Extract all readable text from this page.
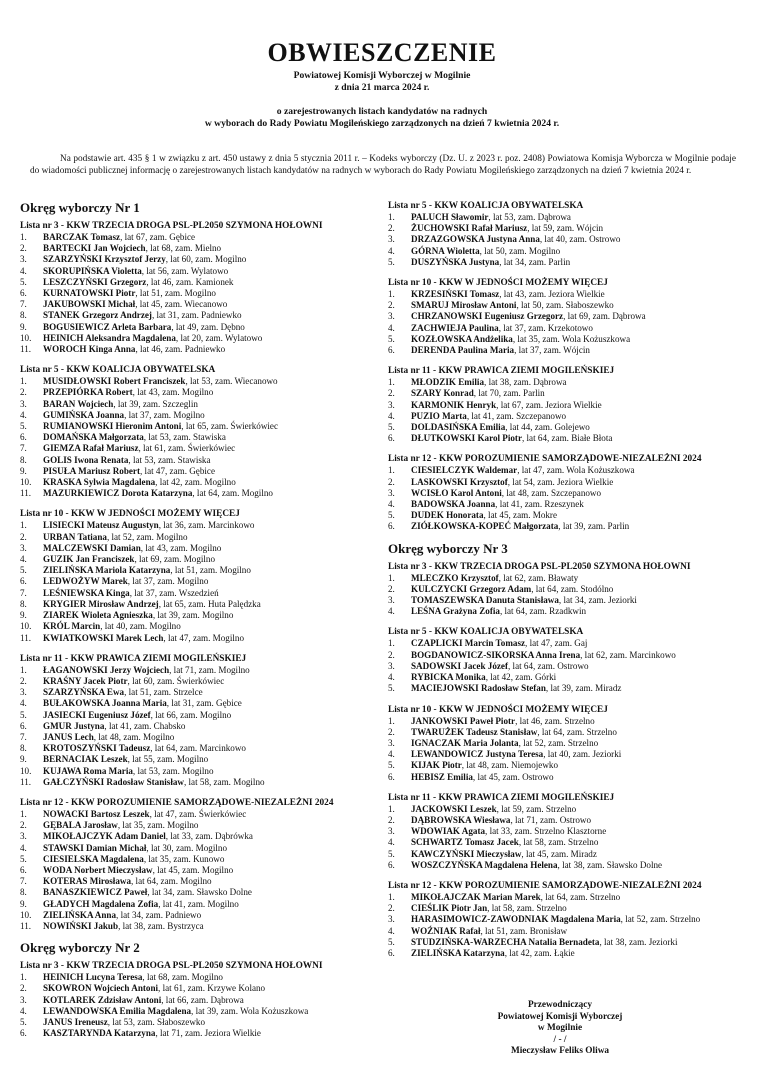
OBWIESZCZENIE
Powiatowej Komisji Wyborczej w Mogilnie
z dnia 21 marca 2024 r.
o zarejestrowanych listach kandydatów na radnych
w wyborach do Rady Powiatu Mogileńskiego zarządzonych na dzień 7 kwietnia 2024 r.
Na podstawie art. 435 § 1 w związku z art. 450 ustawy z dnia 5 stycznia 2011 r. – Kodeks wyborczy (Dz. U. z 2023 r. poz. 2408) Powiatowa Komisja Wyborcza w Mogilnie podaje do wiadomości publicznej informację o zarejestrowanych listach kandydatów na radnych w wyborach do Rady Powiatu Mogileńskiego zarządzonych na dzień 7 kwietnia 2024 r.
Okręg wyborczy Nr 1
Lista nr 3 - KKW TRZECIA DROGA PSL-PL2050 SZYMONA HOŁOWNI
1.	BARCZAK Tomasz , lat 67, zam. Gębice
2.	BARTECKI Jan Wojciech , lat 68, zam. Mielno
3.	SZARZYŃSKI Krzysztof Jerzy , lat 60, zam. Mogilno
4.	SKORUPIŃSKA Violetta , lat 56, zam. Wylatowo
5.	LESZCZYŃSKI Grzegorz , lat 46, zam. Kamionek
6.	KURNATOWSKI Piotr , lat 51, zam. Mogilno
7.	JAKUBOWSKI Michał , lat 45, zam. Wiecanowo
8.	STANEK Grzegorz Andrzej , lat 31, zam. Padniewko
9.	BOGUSIEWICZ Arleta Barbara , lat 49, zam. Dębno
10.	HEINICH Aleksandra Magdalena , lat 20, zam. Wylatowo
11.	WOROCH Kinga Anna , lat 46, zam. Padniewko
Lista nr 5 - KKW KOALICJA OBYWATELSKA
1.	MUSIDŁOWSKI Robert Franciszek , lat 53, zam. Wiecanowo
2.	PRZEPIÓRKA Robert , lat 43, zam. Mogilno
3.	BARAN Wojciech , lat 39, zam. Szczeglin
4.	GUMIŃSKA Joanna , lat 37, zam. Mogilno
5.	RUMIANOWSKI Hieronim Antoni , lat 65, zam. Świerkówiec
6.	DOMAŃSKA Małgorzata , lat 53, zam. Stawiska
7.	GIEMZA Rafał Mariusz , lat 61, zam. Świerkówiec
8.	GOLIS Iwona Renata , lat 53, zam. Stawiska
9.	PISUŁA Mariusz Robert , lat 47, zam. Gębice
10.	KRASKA Sylwia Magdalena , lat 42, zam. Mogilno
11.	MAZURKIEWICZ Dorota Katarzyna , lat 64, zam. Mogilno
Lista nr 10 - KKW W JEDNOŚCI MOŻEMY WIĘCEJ
1.	LISIECKI Mateusz Augustyn , lat 36, zam. Marcinkowo
2.	URBAN Tatiana , lat 52, zam. Mogilno
3.	MALCZEWSKI Damian , lat 43, zam. Mogilno
4.	GUZIK Jan Franciszek , lat 69, zam. Mogilno
5.	ZIELIŃSKA Mariola Katarzyna , lat 51, zam. Mogilno
6.	LEDWOŻYW Marek , lat 37, zam. Mogilno
7.	LEŚNIEWSKA Kinga , lat 37, zam. Wszedzień
8.	KRYGIER Mirosław Andrzej , lat 65, zam. Huta Palędzka
9.	ZIAREK Wioleta Agnieszka , lat 39, zam. Mogilno
10.	KRÓL Marcin , lat 40, zam. Mogilno
11.	KWIATKOWSKI Marek Lech , lat 47, zam. Mogilno
Lista nr 11 - KKW PRAWICA ZIEMI MOGILEŃSKIEJ
1.	ŁAGANOWSKI Jerzy Wojciech , lat 71, zam. Mogilno
2.	KRAŚNY Jacek Piotr , lat 60, zam. Świerkówiec
3.	SZARZYŃSKA Ewa , lat 51, zam. Strzelce
4.	BUŁAKOWSKA Joanna Maria , lat 31, zam. Gębice
5.	JASIECKI Eugeniusz Józef , lat 66, zam. Mogilno
6.	GMUR Justyna , lat 41, zam. Chabsko
7.	JANUS Lech , lat 48, zam. Mogilno
8.	KROTOSZYŃSKI Tadeusz , lat 64, zam. Marcinkowo
9.	BERNACIAK Leszek , lat 55, zam. Mogilno
10.	KUJAWA Roma Maria , lat 53, zam. Mogilno
11.	GAŁCZYŃSKI Radosław Stanisław , lat 58, zam. Mogilno
Lista nr 12 - KKW POROZUMIENIE SAMORZĄDOWE-NIEZALEŻNI 2024
1.	NOWACKI Bartosz Leszek , lat 47, zam. Świerkówiec
2.	GĘBALA Jarosław , lat 35, zam. Mogilno
3.	MIKOŁAJCZYK Adam Daniel , lat 33, zam. Dąbrówka
4.	STAWSKI Damian Michał , lat 30, zam. Mogilno
5.	CIESIELSKA Magdalena , lat 35, zam. Kunowo
6.	WODA Norbert Mieczysław , lat 45, zam. Mogilno
7.	KOTERAS Mirosława , lat 64, zam. Mogilno
8.	BANASZKIEWICZ Paweł , lat 34, zam. Sławsko Dolne
9.	GŁADYCH Magdalena Zofia , lat 41, zam. Mogilno
10.	ZIELIŃSKA Anna , lat 34, zam. Padniewo
11.	NOWIŃSKI Jakub , lat 38, zam. Bystrzyca
Okręg wyborczy Nr 2
Lista nr 3 - KKW TRZECIA DROGA PSL-PL2050 SZYMONA HOŁOWNI
1.	HEINICH Lucyna Teresa , lat 68, zam. Mogilno
2.	SKOWRON Wojciech Antoni , lat 61, zam. Krzywe Kolano
3.	KOTLAREK Zdzisław Antoni , lat 66, zam. Dąbrowa
4.	LEWANDOWSKA Emilia Magdalena , lat 39, zam. Wola Kożuszkowa
5.	JANUS Ireneusz , lat 53, zam. Słaboszewko
6.	KASZTARYNDA Katarzyna , lat 71, zam. Jeziora Wielkie
Lista nr 5 - KKW KOALICJA OBYWATELSKA
1.	PALUCH Sławomir , lat 53, zam. Dąbrowa
2.	ŻUCHOWSKI Rafał Mariusz , lat 59, zam. Wójcin
3.	DRZAZGOWSKA Justyna Anna , lat 40, zam. Ostrowo
4.	GÓRNA Wioletta , lat 50, zam. Mogilno
5.	DUSZYŃSKA Justyna , lat 34, zam. Parlin
Lista nr 10 - KKW W JEDNOŚCI MOŻEMY WIĘCEJ
1.	KRZESIŃSKI Tomasz , lat 43, zam. Jeziora Wielkie
2.	SMARUJ Mirosław Antoni , lat 50, zam. Słaboszewko
3.	CHRZANOWSKI Eugeniusz Grzegorz , lat 69, zam. Dąbrowa
4.	ZACHWIEJA Paulina , lat 37, zam. Krzekotowo
5.	KOZŁOWSKA Andżelika , lat 35, zam. Wola Kożuszkowa
6.	DERENDA Paulina Maria , lat 37, zam. Wójcin
Lista nr 11 - KKW PRAWICA ZIEMI MOGILEŃSKIEJ
1.	MŁODZIK Emilia , lat 38, zam. Dąbrowa
2.	SZARY Konrad , lat 70, zam. Parlin
3.	KARMONIK Henryk , lat 67, zam. Jeziora Wielkie
4.	PUZIO Marta , lat 41, zam. Szczepanowo
5.	DOLDASIŃSKA Emilia , lat 44, zam. Golejewo
6.	DŁUTKOWSKI Karol Piotr , lat 64, zam. Białe Błota
Lista nr 12 - KKW POROZUMIENIE SAMORZĄDOWE-NIEZALEŻNI 2024
1.	CIESIELCZYK Waldemar , lat 47, zam. Wola Kożuszkowa
2.	LASKOWSKI Krzysztof , lat 54, zam. Jeziora Wielkie
3.	WCISŁO Karol Antoni , lat 48, zam. Szczepanowo
4.	BADOWSKA Joanna , lat 41, zam. Rzeszynek
5.	DUDEK Honorata , lat 45, zam. Mokre
6.	ZIÓŁKOWSKA-KOPEĆ Małgorzata , lat 39, zam. Parlin
Okręg wyborczy Nr 3
Lista nr 3 - KKW TRZECIA DROGA PSL-PL2050 SZYMONA HOŁOWNI
1.	MLECZKO Krzysztof , lat 62, zam. Bławaty
2.	KULCZYCKI Grzegorz Adam , lat 64, zam. Stodólno
3.	TOMASZEWSKA Danuta Stanisława , lat 34, zam. Jeziorki
4.	LEŚNA Grażyna Zofia , lat 64, zam. Rzadkwin
Lista nr 5 - KKW KOALICJA OBYWATELSKA
1.	CZAPLICKI Marcin Tomasz , lat 47, zam. Gaj
2.	BOGDANOWICZ-SIKORSKA Anna Irena , lat 62, zam. Marcinkowo
3.	SADOWSKI Jacek Józef , lat 64, zam. Ostrowo
4.	RYBICKA Monika , lat 42, zam. Górki
5.	MACIEJOWSKI Radosław Stefan , lat 39, zam. Miradz
Lista nr 10 - KKW W JEDNOŚCI MOŻEMY WIĘCEJ
1.	JANKOWSKI Paweł Piotr , lat 46, zam. Strzelno
2.	TWARUŻEK Tadeusz Stanisław , lat 64, zam. Strzelno
3.	IGNACZAK Maria Jolanta , lat 52, zam. Strzelno
4.	LEWANDOWICZ Justyna Teresa , lat 40, zam. Jeziorki
5.	KIJAK Piotr , lat 48, zam. Niemojewko
6.	HEBISZ Emilia , lat 45, zam. Ostrowo
Lista nr 11 - KKW PRAWICA ZIEMI MOGILEŃSKIEJ
1.	JACKOWSKI Leszek , lat 59, zam. Strzelno
2.	DĄBROWSKA Wiesława , lat 71, zam. Ostrowo
3.	WDOWIAK Agata , lat 33, zam. Strzelno Klasztorne
4.	SCHWARTZ Tomasz Jacek , lat 58, zam. Strzelno
5.	KAWCZYŃSKI Mieczysław , lat 45, zam. Miradz
6.	WOSZCZYŃSKA Magdalena Helena , lat 38, zam. Sławsko Dolne
Lista nr 12 - KKW POROZUMIENIE SAMORZĄDOWE-NIEZALEŻNI 2024
1.	MIKOŁAJCZAK Marian Marek , lat 64, zam. Strzelno
2.	CIEŚLIK Piotr Jan , lat 58, zam. Strzelno
3.	HARASIMOWICZ-ZAWODNIAK Magdalena Maria , lat 52, zam. Strzelno
4.	WOŹNIAK Rafał , lat 51, zam. Bronisław
5.	STUDZIŃSKA-WARZECHA Natalia Bernadeta , lat 38, zam. Jeziorki
6.	ZIELIŃSKA Katarzyna , lat 42, zam. Łąkie
Przewodniczący
Powiatowej Komisji Wyborczej
w Mogilnie
/ - /
Mieczysław Feliks Oliwa
